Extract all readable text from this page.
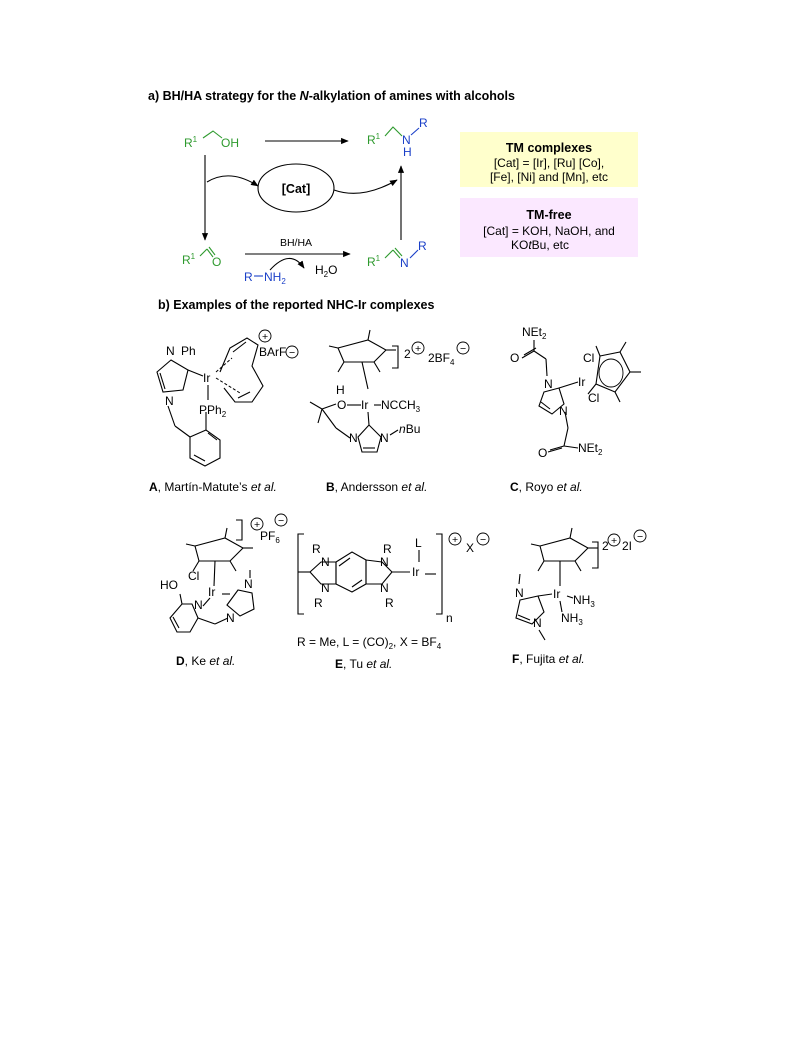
a) BH/HA strategy for the N-alkylation of amines with alcohols
$R^1$ OH	$R^1$ N
R
H
[Cat]
$R^1$ O
BH/HA
R $NH_2$
$H_2O$
$R^1$ N
R
TM complexes
[Cat] = [Ir], [Ru] [Co],
[Fe], [Ni] and [Mn], etc
TM-free
[Cat] = KOH, NaOH, and
KOtBu, etc
b) Examples of the reported NHC-Ir complexes
Ph
N
N
Ir
PPh$_2$
+
BArF −
A, Martín-Matute’s et al.
2 +
$2BF_4$
−
H
O Ir $NCCH_3$
N N
nBu
B, Andersson et al.
NEt$_2$
O
N
N
Ir
Cl
Cl
O	NEt$_2$
C, Royo et al.
+
$PF_6$
−
Cl
Ir
HO
N
N
N
D, Ke et al.
R
N
N
R
R
N
N
R
Ir
L	+
X
−
n
R = Me, $L = (CO)_2$, $X = BF_4$
E, Tu et al.
2 + 2I
−
N
N
Ir $NH_3$
$NH_3$
F, Fujita et al.
